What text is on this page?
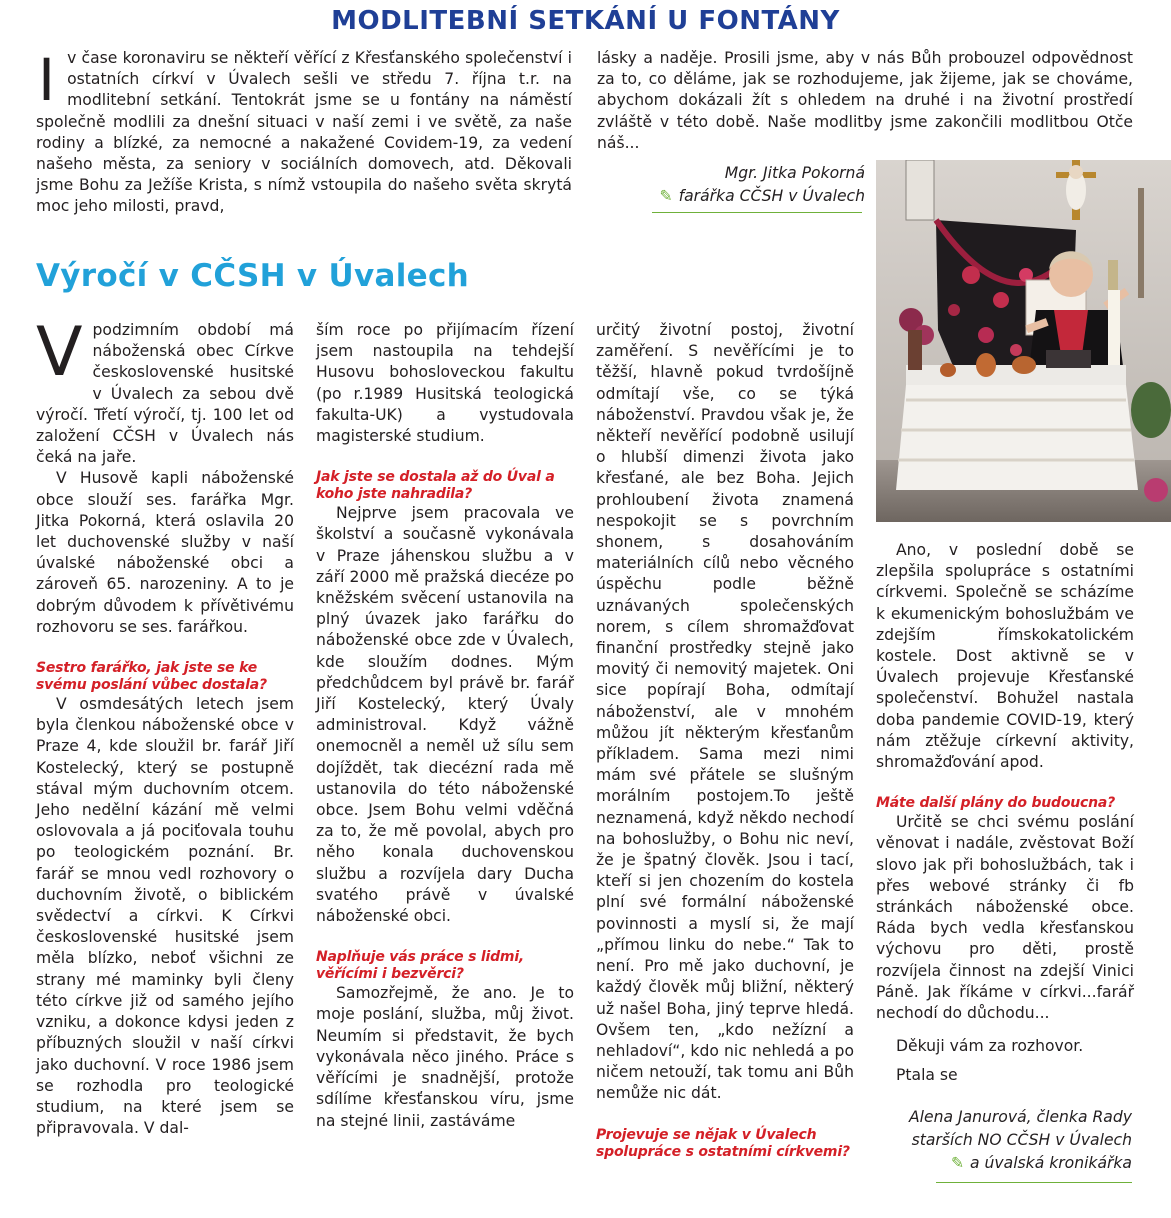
MODLITEBNÍ SETKÁNÍ U FONTÁNY
I v čase koronaviru se někteří věřící z Křesťanského společenství i ostatních církví v Úvalech sešli ve středu 7. října t.r. na modlitební setkání. Tentokrát jsme se u fontány na náměstí společně modlili za dnešní situaci v naší zemi i ve světě, za naše rodiny a blízké, za nemocné a nakažené Covidem-19, za vedení našeho města, za seniory v sociálních domovech, atd. Děkovali jsme Bohu za Ježíše Krista, s nímž vstoupila do našeho světa skrytá moc jeho milosti, pravd,

lásky a naděje. Prosili jsme, aby v nás Bůh probouzel odpovědnost za to, co děláme, jak se rozhodujeme, jak žijeme, jak se chováme, abychom dokázali žít s ohledem na druhé i na životní prostředí zvláště v této době. Naše modlitby jsme zakončili modlitbou Otče náš...

Mgr. Jitka Pokorná
✎ farářka CČSH v Úvalech
Výročí v CČSH v Úvalech
V podzimním období má náboženská obec Církve československé husitské v Úvalech za sebou dvě výročí. Třetí výročí, tj. 100 let od založení CČSH v Úvalech nás čeká na jaře.

V Husově kapli náboženské obce slouží ses. farářka Mgr. Jitka Pokorná, která oslavila 20 let duchovenské služby v naší úvalské náboženské obci a zároveň 65. narozeniny. A to je dobrým důvodem k přívětivému rozhovoru se ses. farářkou.

Sestro farářko, jak jste se ke svému poslání vůbec dostala?

V osmdesátých letech jsem byla členkou náboženské obce v Praze 4, kde sloužil br. farář Jiří Kostelecký, který se postupně stával mým duchovním otcem. Jeho nedělní kázání mě velmi oslovovala a já pociťovala touhu po teologickém poznání. Br. farář se mnou vedl rozhovory o duchovním životě, o biblickém svědectví a církvi. K Církvi československé husitské jsem měla blízko, neboť všichni ze strany mé maminky byli členy této církve již od samého jejího vzniku, a dokonce kdysi jeden z příbuzných sloužil v naší církvi jako duchovní. V roce 1986 jsem se rozhodla pro teologické studium, na které jsem se připravovala. V dal-

ším roce po přijímacím řízení jsem nastoupila na tehdejší Husovu bohosloveckou fakultu (po r.1989 Husitská teologická fakulta-UK) a vystudovala magisterské studium.

Jak jste se dostala až do Úval a koho jste nahradila?

Nejprve jsem pracovala ve školství a současně vykonávala v Praze jáhenskou službu a v září 2000 mě pražská diecéze po kněžském svěcení ustanovila na plný úvazek jako farářku do náboženské obce zde v Úvalech, kde sloužím dodnes. Mým předchůdcem byl právě br. farář Jiří Kostelecký, který Úvaly administroval. Když vážně onemocněl a neměl už sílu sem dojíždět, tak diecézní rada mě ustanovila do této náboženské obce. Jsem Bohu velmi vděčná za to, že mě povolal, abych pro něho konala duchovenskou službu a rozvíjela dary Ducha svatého právě v úvalské náboženské obci.

Naplňuje vás práce s lidmi, věřícími i bezvěrci?

Samozřejmě, že ano. Je to moje poslání, služba, můj život. Neumím si představit, že bych vykonávala něco jiného. Práce s věřícími je snadnější, protože sdílíme křesťanskou víru, jsme na stejné linii, zastáváme

určitý životní postoj, životní zaměření. S nevěřícími je to těžší, hlavně pokud tvrdošíjně odmítají vše, co se týká náboženství. Pravdou však je, že někteří nevěřící podobně usilují o hlubší dimenzi života jako křesťané, ale bez Boha. Jejich prohloubení života znamená nespokojit se s povrchním shonem, s dosahováním materiálních cílů nebo věcného úspěchu podle běžně uznávaných společenských norem, s cílem shromažďovat finanční prostředky stejně jako movitý či nemovitý majetek. Oni sice popírají Boha, odmítají náboženství, ale v mnohém můžou jít některým křesťanům příkladem. Sama mezi nimi mám své přátele se slušným morálním postojem.To ještě neznamená, když někdo nechodí na bohoslužby, o Bohu nic neví, že je špatný člověk. Jsou i tací, kteří si jen chozením do kostela plní své formální náboženské povinnosti a myslí si, že mají „přímou linku do nebe.“ Tak to není. Pro mě jako duchovní, je každý člověk můj bližní, některý už našel Boha, jiný teprve hledá. Ovšem ten, „kdo nežízní a nehladoví“, kdo nic nehledá a po ničem netouží, tak tomu ani Bůh nemůže nic dát.

Projevuje se nějak v Úvalech spolupráce s ostatními církvemi?

Ano, v poslední době se zlepšila spolupráce s ostatními církvemi. Společně se scházíme k ekumenickým bohoslužbám ve zdejším římskokatolickém kostele. Dost aktivně se v Úvalech projevuje Křesťanské společenství. Bohužel nastala doba pandemie COVID-19, který nám ztěžuje církevní aktivity, shromažďování apod.

Máte další plány do budoucna?

Určitě se chci svému poslání věnovat i nadále, zvěstovat Boží slovo jak při bohoslužbách, tak i přes webové stránky či fb stránkách náboženské obce. Ráda bych vedla křesťanskou výchovu pro děti, prostě rozvíjela činnost na zdejší Vinici Páně. Jak říkáme v církvi...farář nechodí do důchodu...

Děkuji vám za rozhovor.

Ptala se

Alena Janurová, členka Rady
starších NO CČSH v Úvalech
✎ a úvalská kronikářka
